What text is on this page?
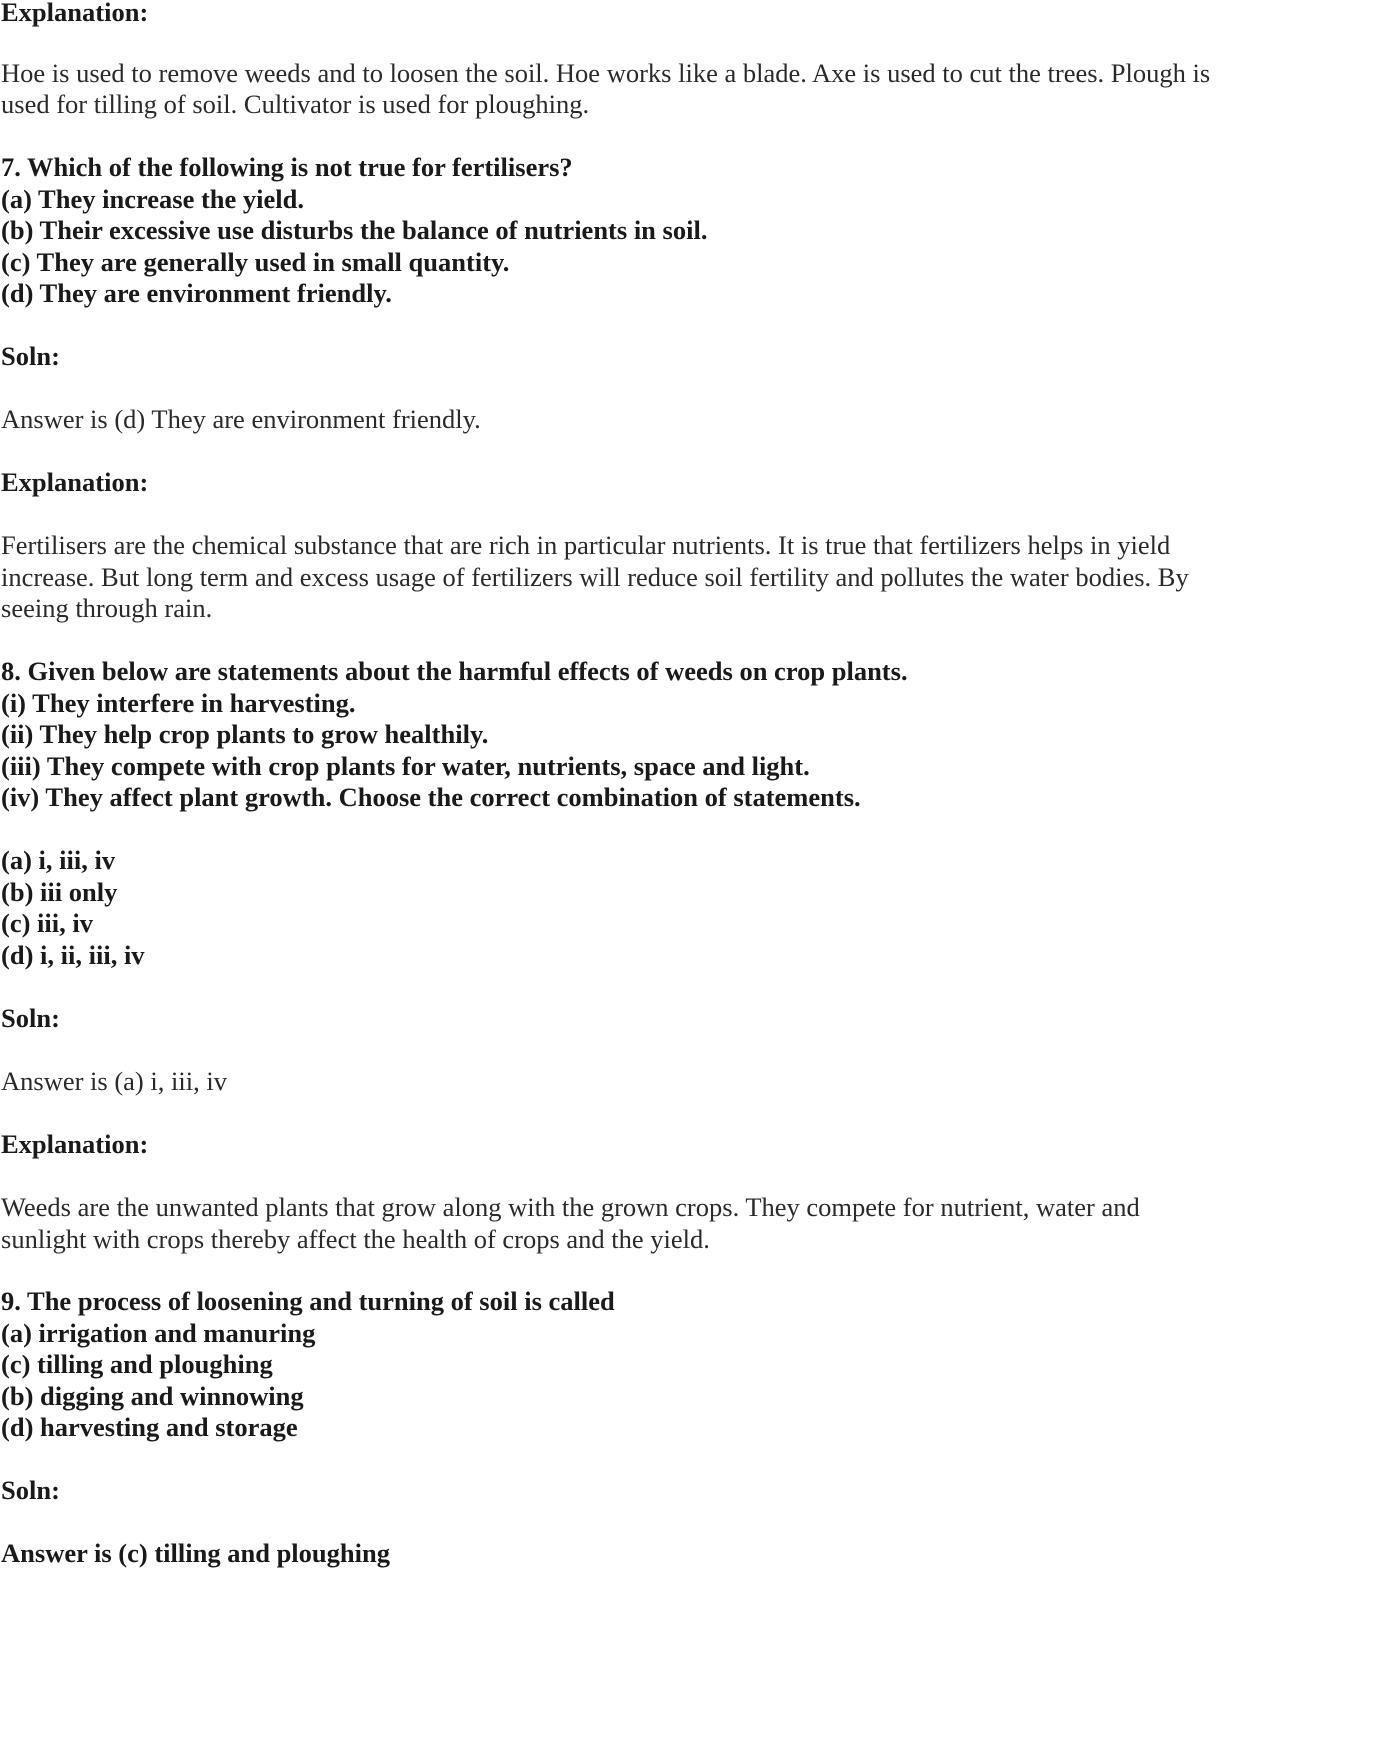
Explanation:
Hoe is used to remove weeds and to loosen the soil. Hoe works like a blade. Axe is used to cut the trees. Plough is
used for tilling of soil. Cultivator is used for ploughing.
7. Which of the following is not true for fertilisers?
(a) They increase the yield.
(b) Their excessive use disturbs the balance of nutrients in soil.
(c) They are generally used in small quantity.
(d) They are environment friendly.
Soln:
Answer is (d) They are environment friendly.
Explanation:
Fertilisers are the chemical substance that are rich in particular nutrients. It is true that fertilizers helps in yield
increase. But long term and excess usage of fertilizers will reduce soil fertility and pollutes the water bodies. By
seeing through rain.
8. Given below are statements about the harmful effects of weeds on crop plants.
(i) They interfere in harvesting.
(ii) They help crop plants to grow healthily.
(iii) They compete with crop plants for water, nutrients, space and light.
(iv) They affect plant growth. Choose the correct combination of statements.
(a) i, iii, iv
(b) iii only
(c) iii, iv
(d) i, ii, iii, iv
Soln:
Answer is (a) i, iii, iv
Explanation:
Weeds are the unwanted plants that grow along with the grown crops. They compete for nutrient, water and
sunlight with crops thereby affect the health of crops and the yield.
9. The process of loosening and turning of soil is called
(a) irrigation and manuring
(c) tilling and ploughing
(b) digging and winnowing
(d) harvesting and storage
Soln:
Answer is (c) tilling and ploughing
